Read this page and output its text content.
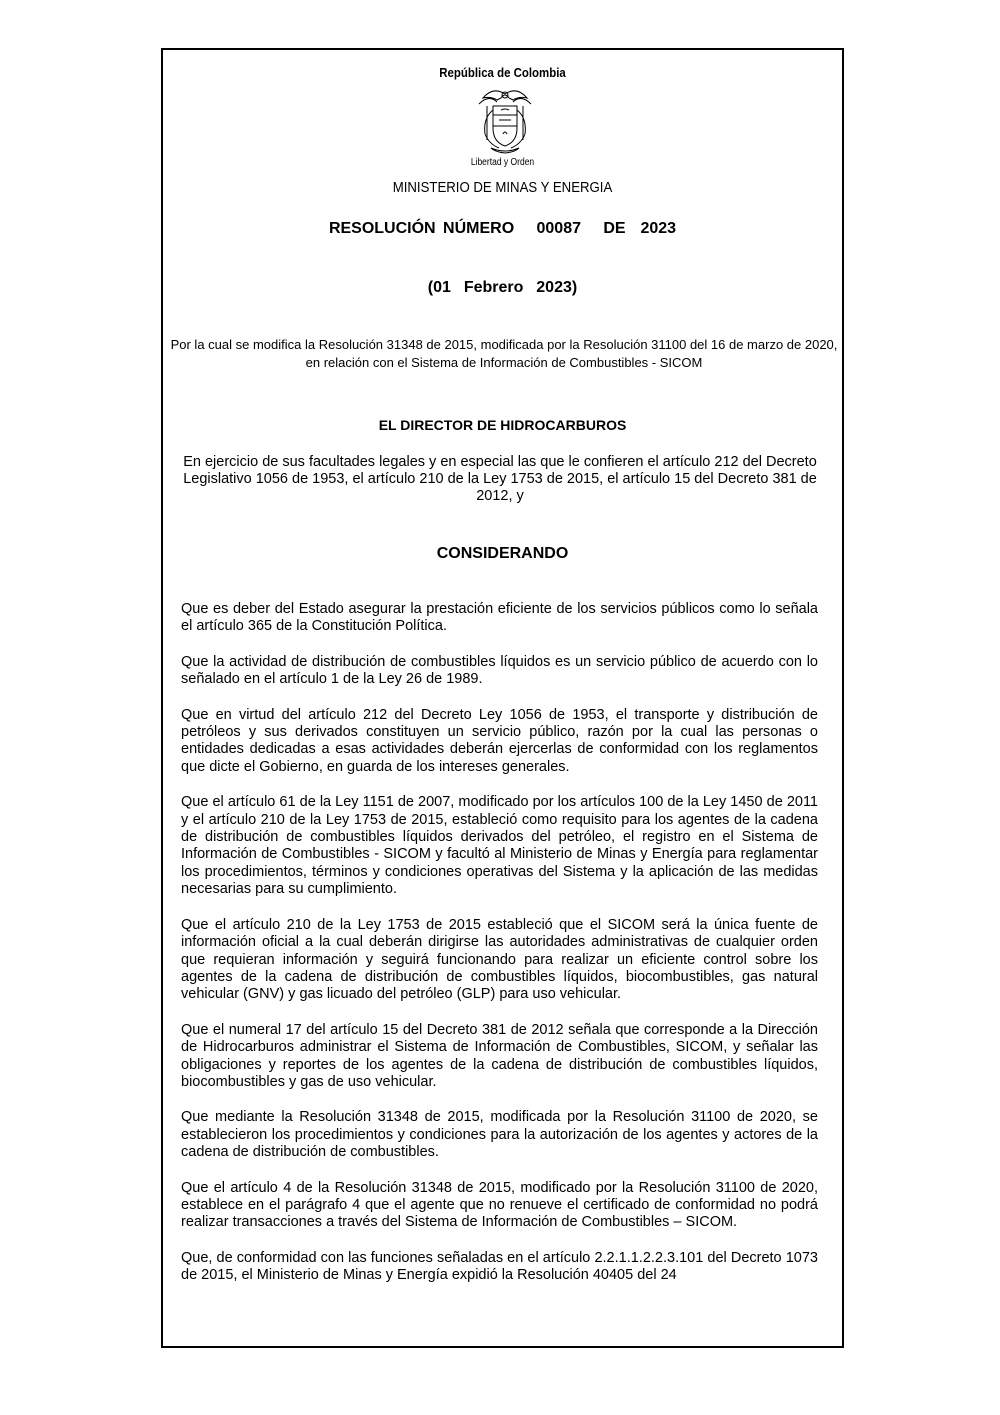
República de Colombia
Libertad y Orden
MINISTERIO DE MINAS Y ENERGIA
RESOLUCIÓN NÚMERO   00087   DE  2023
(01  Febrero  2023)
Por la cual se modifica la Resolución 31348 de 2015, modificada por la Resolución 31100 del 16 de marzo de 2020, en relación con el Sistema de Información de Combustibles - SICOM
EL DIRECTOR DE HIDROCARBUROS
En ejercicio de sus facultades legales y en especial las que le confieren el artículo 212 del Decreto Legislativo 1056 de 1953, el artículo 210 de la Ley 1753 de 2015, el artículo 15 del Decreto 381 de 2012, y
CONSIDERANDO

Que es deber del Estado asegurar la prestación eficiente de los servicios públicos como lo señala el artículo 365 de la Constitución Política.

Que la actividad de distribución de combustibles líquidos es un servicio público de acuerdo con lo señalado en el artículo 1 de la Ley 26 de 1989.

Que en virtud del artículo 212 del Decreto Ley 1056 de 1953, el transporte y distribución de petróleos y sus derivados constituyen un servicio público, razón por la cual las personas o entidades dedicadas a esas actividades deberán ejercerlas de conformidad con los reglamentos que dicte el Gobierno, en guarda de los intereses generales.

Que el artículo 61 de la Ley 1151 de 2007, modificado por los artículos 100 de la Ley 1450 de 2011 y el artículo 210 de la Ley 1753 de 2015, estableció como requisito para los agentes de la cadena de distribución de combustibles líquidos derivados del petróleo, el registro en el Sistema de Información de Combustibles - SICOM y facultó al Ministerio de Minas y Energía para reglamentar los procedimientos, términos y condiciones operativas del Sistema y la aplicación de las medidas necesarias para su cumplimiento.

Que el artículo 210 de la Ley 1753 de 2015 estableció que el SICOM será la única fuente de información oficial a la cual deberán dirigirse las autoridades administrativas de cualquier orden que requieran información y seguirá funcionando para realizar un eficiente control sobre los agentes de la cadena de distribución de combustibles líquidos, biocombustibles, gas natural vehicular (GNV) y gas licuado del petróleo (GLP) para uso vehicular.

Que el numeral 17 del artículo 15 del Decreto 381 de 2012 señala que corresponde a la Dirección de Hidrocarburos administrar el Sistema de Información de Combustibles, SICOM, y señalar las obligaciones y reportes de los agentes de la cadena de distribución de combustibles líquidos, biocombustibles y gas de uso vehicular.

Que mediante la Resolución 31348 de 2015, modificada por la Resolución 31100 de 2020, se establecieron los procedimientos y condiciones para la autorización de los agentes y actores de la cadena de distribución de combustibles.

Que el artículo 4 de la Resolución 31348 de 2015, modificado por la Resolución 31100 de 2020, establece en el parágrafo 4 que el agente que no renueve el certificado de conformidad no podrá realizar transacciones a través del Sistema de Información de Combustibles – SICOM.

Que, de conformidad con las funciones señaladas en el artículo 2.2.1.1.2.2.3.101 del Decreto 1073 de 2015, el Ministerio de Minas y Energía expidió la Resolución 40405 del 24
